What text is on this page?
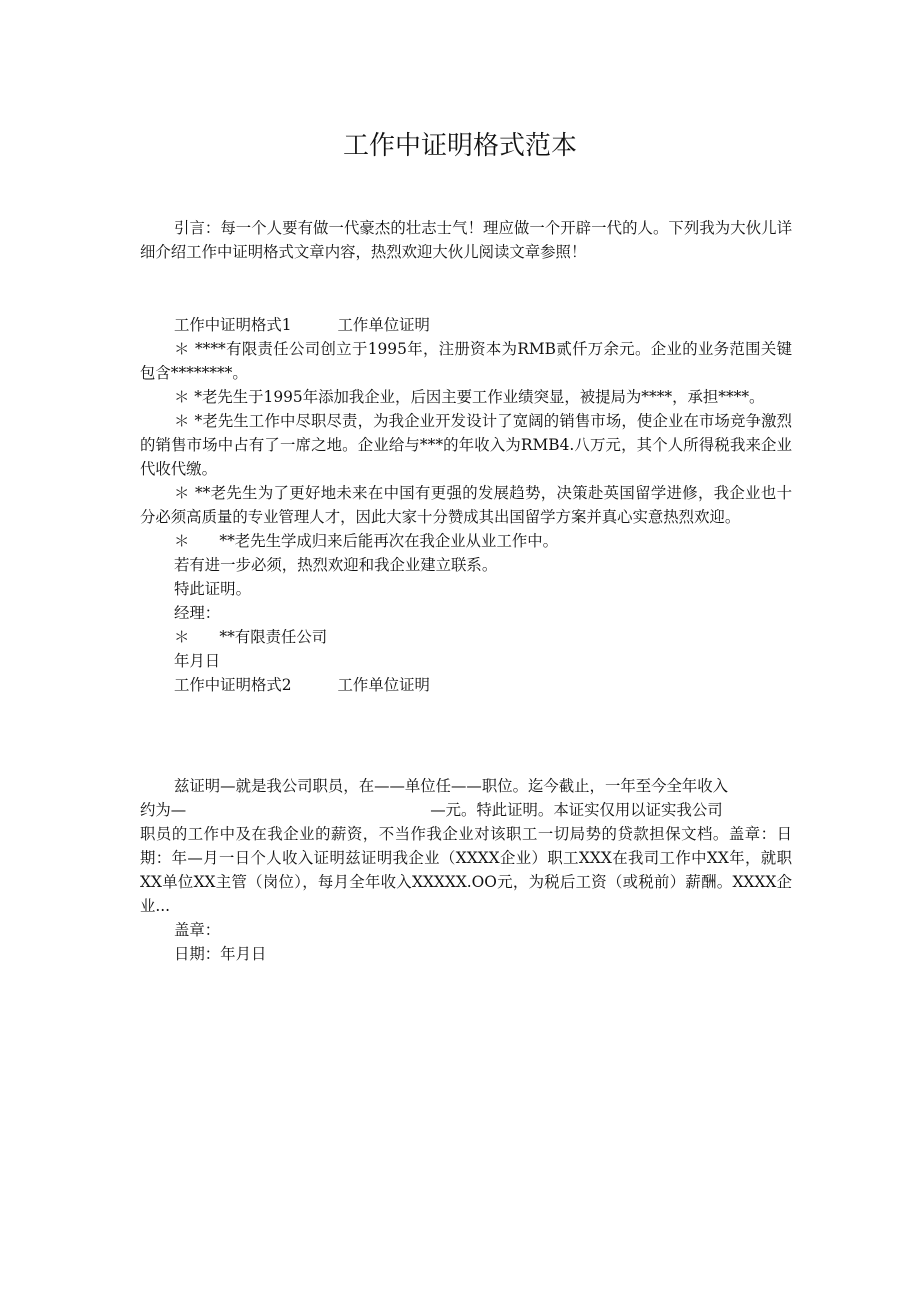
工作中证明格式范本

引言：每一个人要有做一代豪杰的壮志士气！理应做一个开辟一代的人。下列我为大伙儿详细介绍工作中证明格式文章内容，热烈欢迎大伙儿阅读文章参照！

工作中证明格式1	工作单位证明

＊ ****有限责任公司创立于1995年，注册资本为RMB贰仟万余元。企业的业务范围关键包含********。

＊ *老先生于1995年添加我企业，后因主要工作业绩突显，被提局为****，承担****。

＊ *老先生工作中尽职尽责，为我企业开发设计了宽阔的销售市场，使企业在市场竞争激烈的销售市场中占有了一席之地。企业给与***的年收入为RMB4.八万元，其个人所得税我来企业代收代缴。

＊ **老先生为了更好地未来在中国有更强的发展趋势，决策赴英国留学进修，我企业也十分必须高质量的专业管理人才，因此大家十分赞成其出国留学方案并真心实意热烈欢迎。

＊ **老先生学成归来后能再次在我企业从业工作中。

若有进一步必须，热烈欢迎和我企业建立联系。

特此证明。

经理：

＊ **有限责任公司

年月日

工作中证明格式2	工作单位证明

兹证明—就是我公司职员，在——单位任——职位。迄今截止，一年至今全年收入

约为—	—元。特此证明。本证实仅用以证实我公司

职员的工作中及在我企业的薪资，不当作我企业对该职工一切局势的贷款担保文档。盖章：日期：年—月一日个人收入证明兹证明我企业（XXXX企业）职工XXX在我司工作中XX年，就职XX单位XX主管（岗位），每月全年收入XXXXX.OO元，为税后工资（或税前）薪酬。XXXX企业...

盖章：

日期：年月日
